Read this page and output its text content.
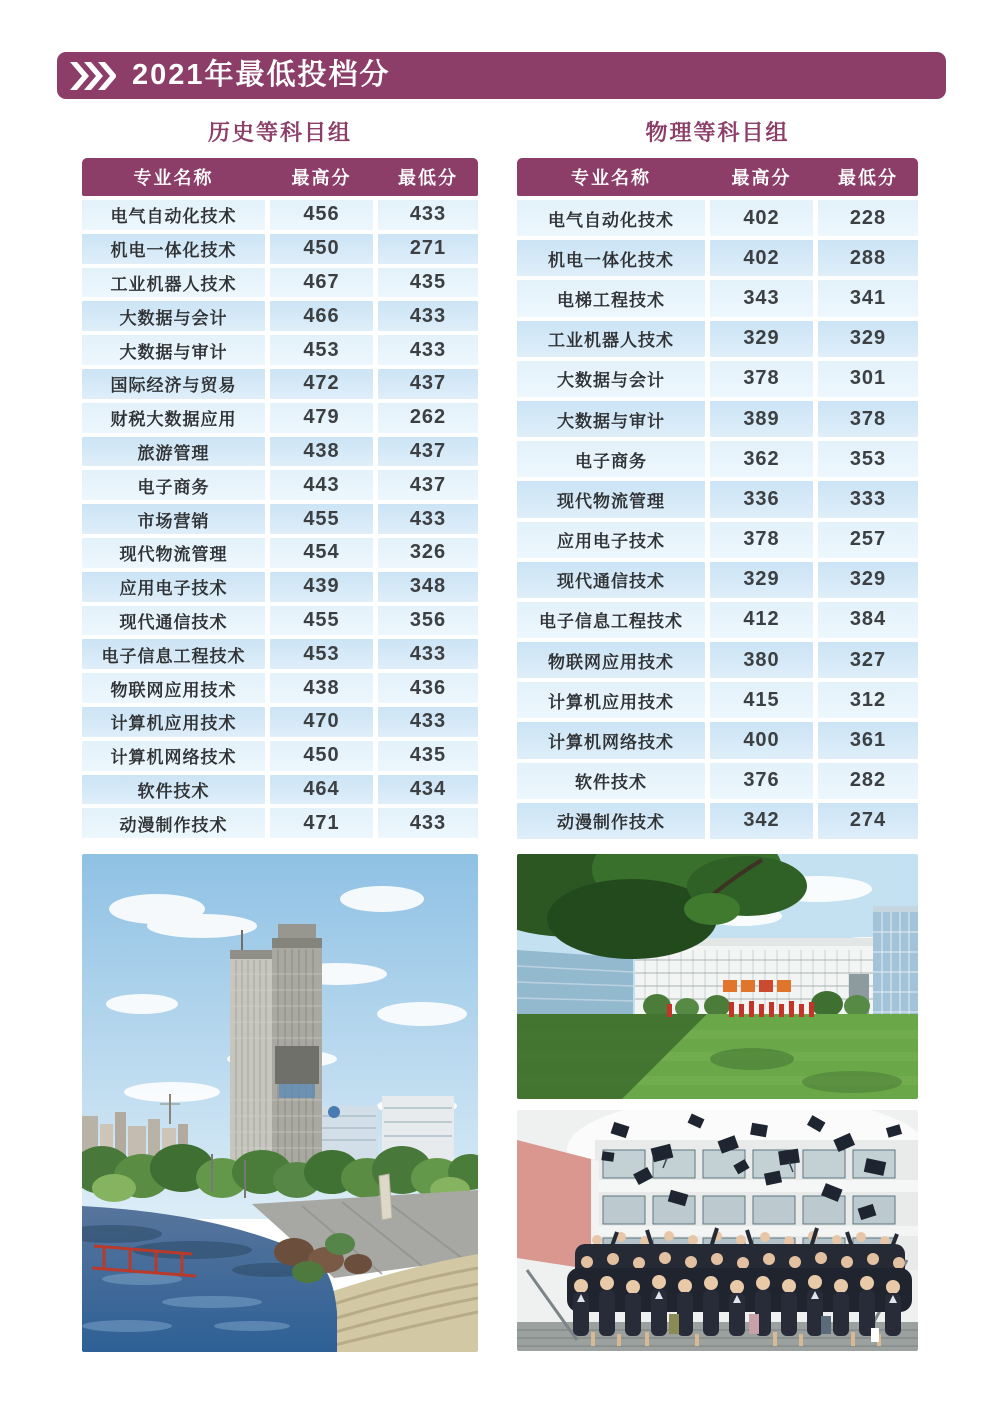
2021年最低投档分
历史等科目组	物理等科目组
专业名称	最高分	最低分
电气自动化技术	456	433
机电一体化技术	450	271
工业机器人技术	467	435
大数据与会计	466	433
大数据与审计	453	433
国际经济与贸易	472	437
财税大数据应用	479	262
旅游管理	438	437
电子商务	443	437
市场营销	455	433
现代物流管理	454	326
应用电子技术	439	348
现代通信技术	455	356
电子信息工程技术	453	433
物联网应用技术	438	436
计算机应用技术	470	433
计算机网络技术	450	435
软件技术	464	434
动漫制作技术	471	433
专业名称	最高分	最低分
电气自动化技术	402	228
机电一体化技术	402	288
电梯工程技术	343	341
工业机器人技术	329	329
大数据与会计	378	301
大数据与审计	389	378
电子商务	362	353
现代物流管理	336	333
应用电子技术	378	257
现代通信技术	329	329
电子信息工程技术	412	384
物联网应用技术	380	327
计算机应用技术	415	312
计算机网络技术	400	361
软件技术	376	282
动漫制作技术	342	274
